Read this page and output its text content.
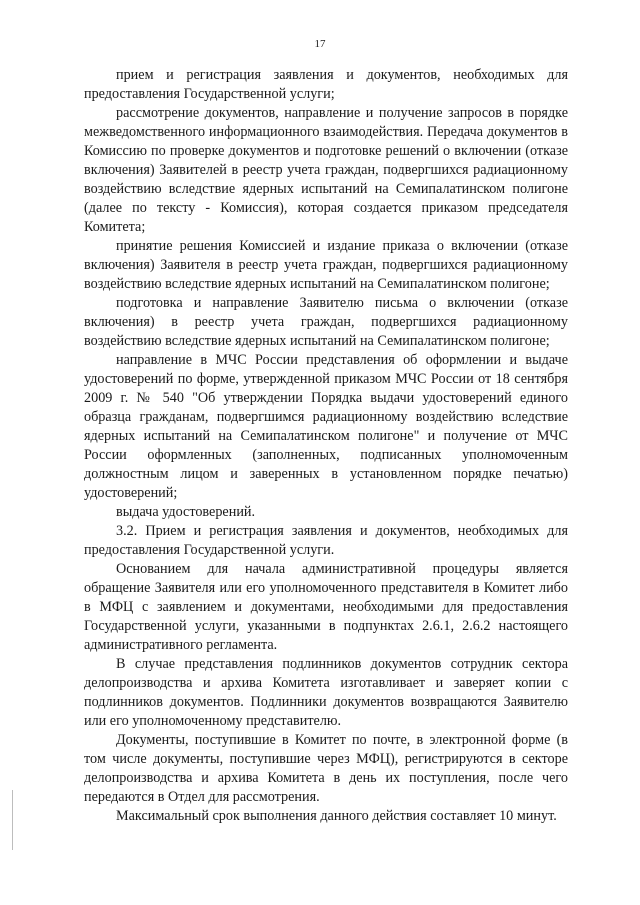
17

прием и регистрация заявления и документов, необходимых для предоставления Государственной услуги;

рассмотрение документов, направление и получение запросов в порядке межведомственного информационного взаимодействия. Передача документов в Комиссию по проверке документов и подготовке решений о включении (отказе включения) Заявителей в реестр учета граждан, подвергшихся радиационному воздействию вследствие ядерных испытаний на Семипалатинском полигоне (далее по тексту - Комиссия), которая создается приказом председателя Комитета;

принятие решения Комиссией и издание приказа о включении (отказе включения) Заявителя в реестр учета граждан, подвергшихся радиационному воздействию вследствие ядерных испытаний на Семипалатинском полигоне;

подготовка и направление Заявителю письма о включении (отказе включения) в реестр учета граждан, подвергшихся радиационному воздействию вследствие ядерных испытаний на Семипалатинском полигоне;

направление в МЧС России представления об оформлении и выдаче удостоверений по форме, утвержденной приказом МЧС России от 18 сентября 2009 г. № 540 "Об утверждении Порядка выдачи удостоверений единого образца гражданам, подвергшимся радиационному воздействию вследствие ядерных испытаний на Семипалатинском полигоне" и получение от МЧС России оформленных (заполненных, подписанных уполномоченным должностным лицом и заверенных в установленном порядке печатью) удостоверений;

выдача удостоверений.

3.2. Прием и регистрация заявления и документов, необходимых для предоставления Государственной услуги.

Основанием для начала административной процедуры является обращение Заявителя или его уполномоченного представителя в Комитет либо в МФЦ с заявлением и документами, необходимыми для предоставления Государственной услуги, указанными в подпунктах 2.6.1, 2.6.2 настоящего административного регламента.

В случае представления подлинников документов сотрудник сектора делопроизводства и архива Комитета изготавливает и заверяет копии с подлинников документов. Подлинники документов возвращаются Заявителю или его уполномоченному представителю.

Документы, поступившие в Комитет по почте, в электронной форме (в том числе документы, поступившие через МФЦ), регистрируются в секторе делопроизводства и архива Комитета в день их поступления, после чего передаются в Отдел для рассмотрения.

Максимальный срок выполнения данного действия составляет 10 минут.
